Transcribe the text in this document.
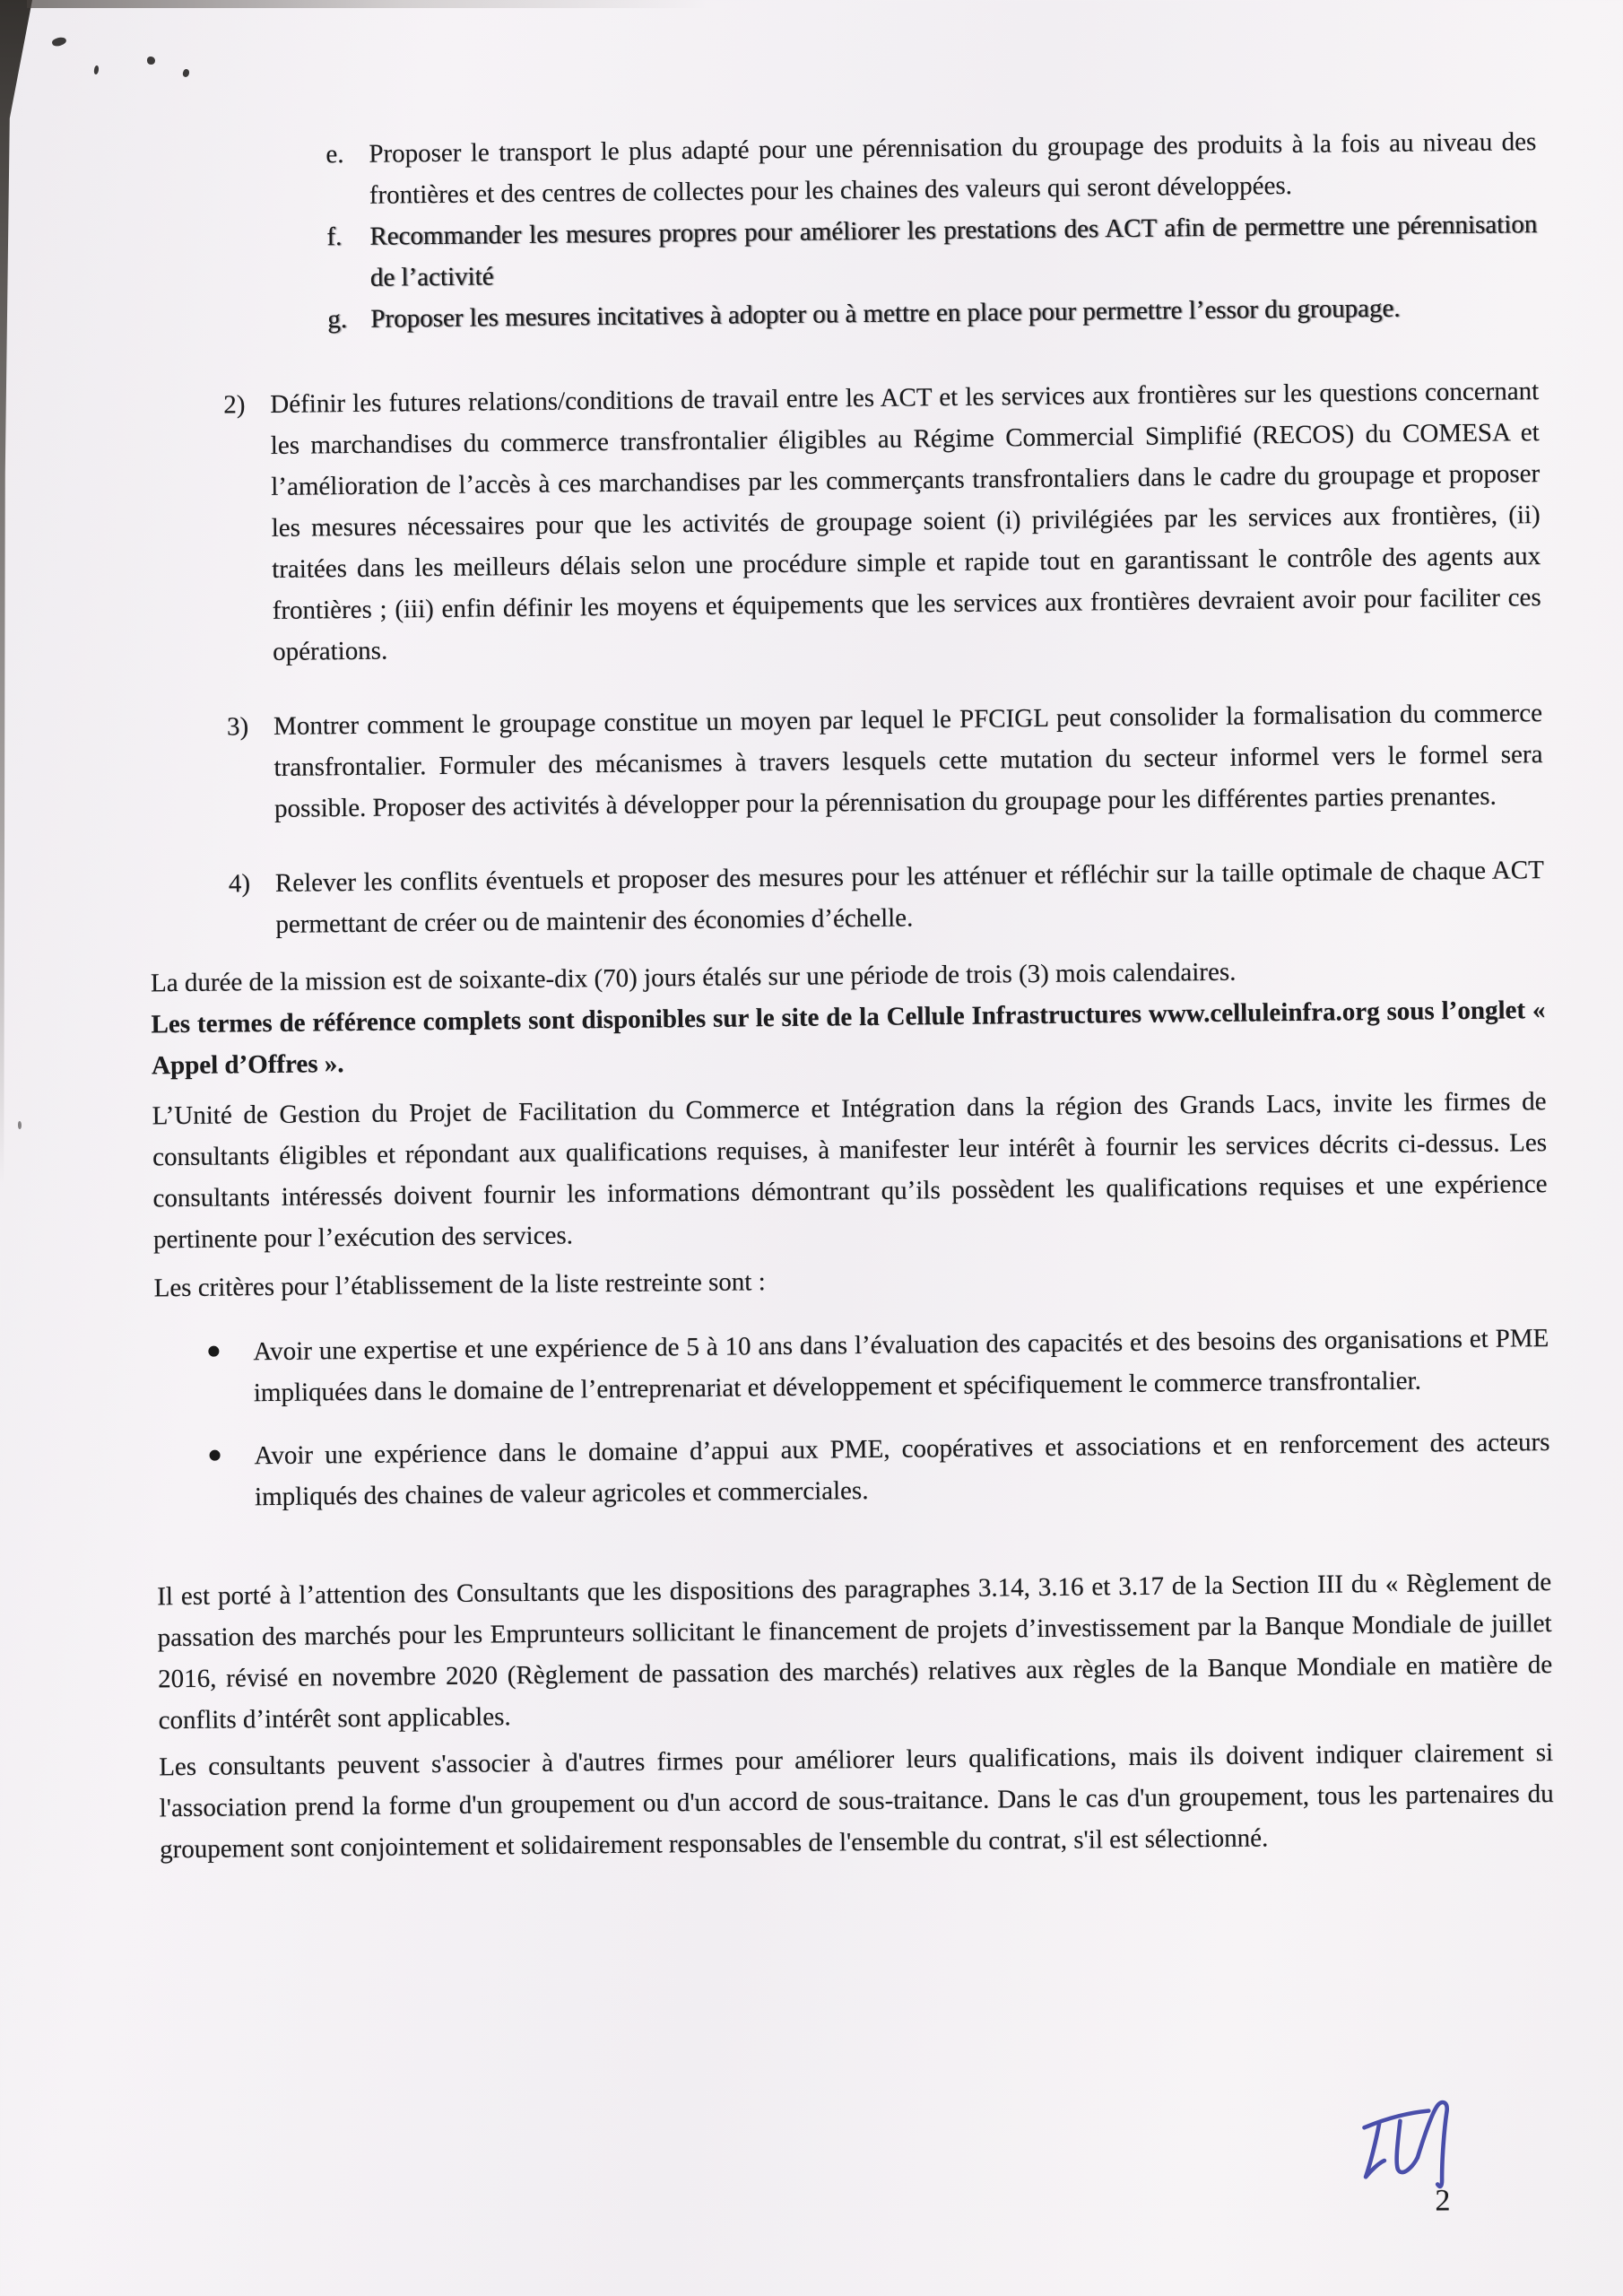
e. Proposer le transport le plus adapté pour une pérennisation du groupage des produits à la fois au niveau des frontières et des centres de collectes pour les chaines des valeurs qui seront développées.
f.	Recommander les mesures propres pour améliorer les prestations des ACT afin de permettre une pérennisation de l’activité
g. Proposer les mesures incitatives à adopter ou à mettre en place pour permettre l’essor du groupage.
2) Définir les futures relations/conditions de travail entre les ACT et les services aux frontières sur les questions concernant les marchandises du commerce transfrontalier éligibles au Régime Commercial Simplifié (RECOS) du COMESA et l’amélioration de l’accès à ces marchandises par les commerçants transfrontaliers dans le cadre du groupage et proposer les mesures nécessaires pour que les activités de groupage soient (i) privilégiées par les services aux frontières, (ii) traitées dans les meilleurs délais selon une procédure simple et rapide tout en garantissant le contrôle des agents aux frontières ; (iii) enfin définir les moyens et équipements que les services aux frontières devraient avoir pour faciliter ces opérations.
3) Montrer comment le groupage constitue un moyen par lequel le PFCIGL peut consolider la formalisation du commerce transfrontalier. Formuler des mécanismes à travers lesquels cette mutation du secteur informel vers le formel sera possible. Proposer des activités à développer pour la pérennisation du groupage pour les différentes parties prenantes.
4) Relever les conflits éventuels et proposer des mesures pour les atténuer et réfléchir sur la taille optimale de chaque ACT permettant de créer ou de maintenir des économies d’échelle.

La durée de la mission est de soixante-dix (70) jours étalés sur une période de trois (3) mois calendaires.

Les termes de référence complets sont disponibles sur le site de la Cellule Infrastructures www.celluleinfra.org sous l’onglet « Appel d’Offres ».

L’Unité de Gestion du Projet de Facilitation du Commerce et Intégration dans la région des Grands Lacs, invite les firmes de consultants éligibles et répondant aux qualifications requises, à manifester leur intérêt à fournir les services décrits ci-dessus. Les consultants intéressés doivent fournir les informations démontrant qu’ils possèdent les qualifications requises et une expérience pertinente pour l’exécution des services.

Les critères pour l’établissement de la liste restreinte sont :

Avoir une expertise et une expérience de 5 à 10 ans dans l’évaluation des capacités et des besoins des organisations et PME impliquées dans le domaine de l’entreprenariat et développement et spécifiquement le commerce transfrontalier.
Avoir une expérience dans le domaine d’appui aux PME, coopératives et associations et en renforcement des acteurs impliqués des chaines de valeur agricoles et commerciales.

Il est porté à l’attention des Consultants que les dispositions des paragraphes 3.14, 3.16 et 3.17 de la Section III du « Règlement de passation des marchés pour les Emprunteurs sollicitant le financement de projets d’investissement par la Banque Mondiale de juillet 2016, révisé en novembre 2020 (Règlement de passation des marchés) relatives aux règles de la Banque Mondiale en matière de conflits d’intérêt sont applicables.

Les consultants peuvent s'associer à d'autres firmes pour améliorer leurs qualifications, mais ils doivent indiquer clairement si l'association prend la forme d'un groupement ou d'un accord de sous-traitance. Dans le cas d'un groupement, tous les partenaires du groupement sont conjointement et solidairement responsables de l'ensemble du contrat, s'il est sélectionné.

2
